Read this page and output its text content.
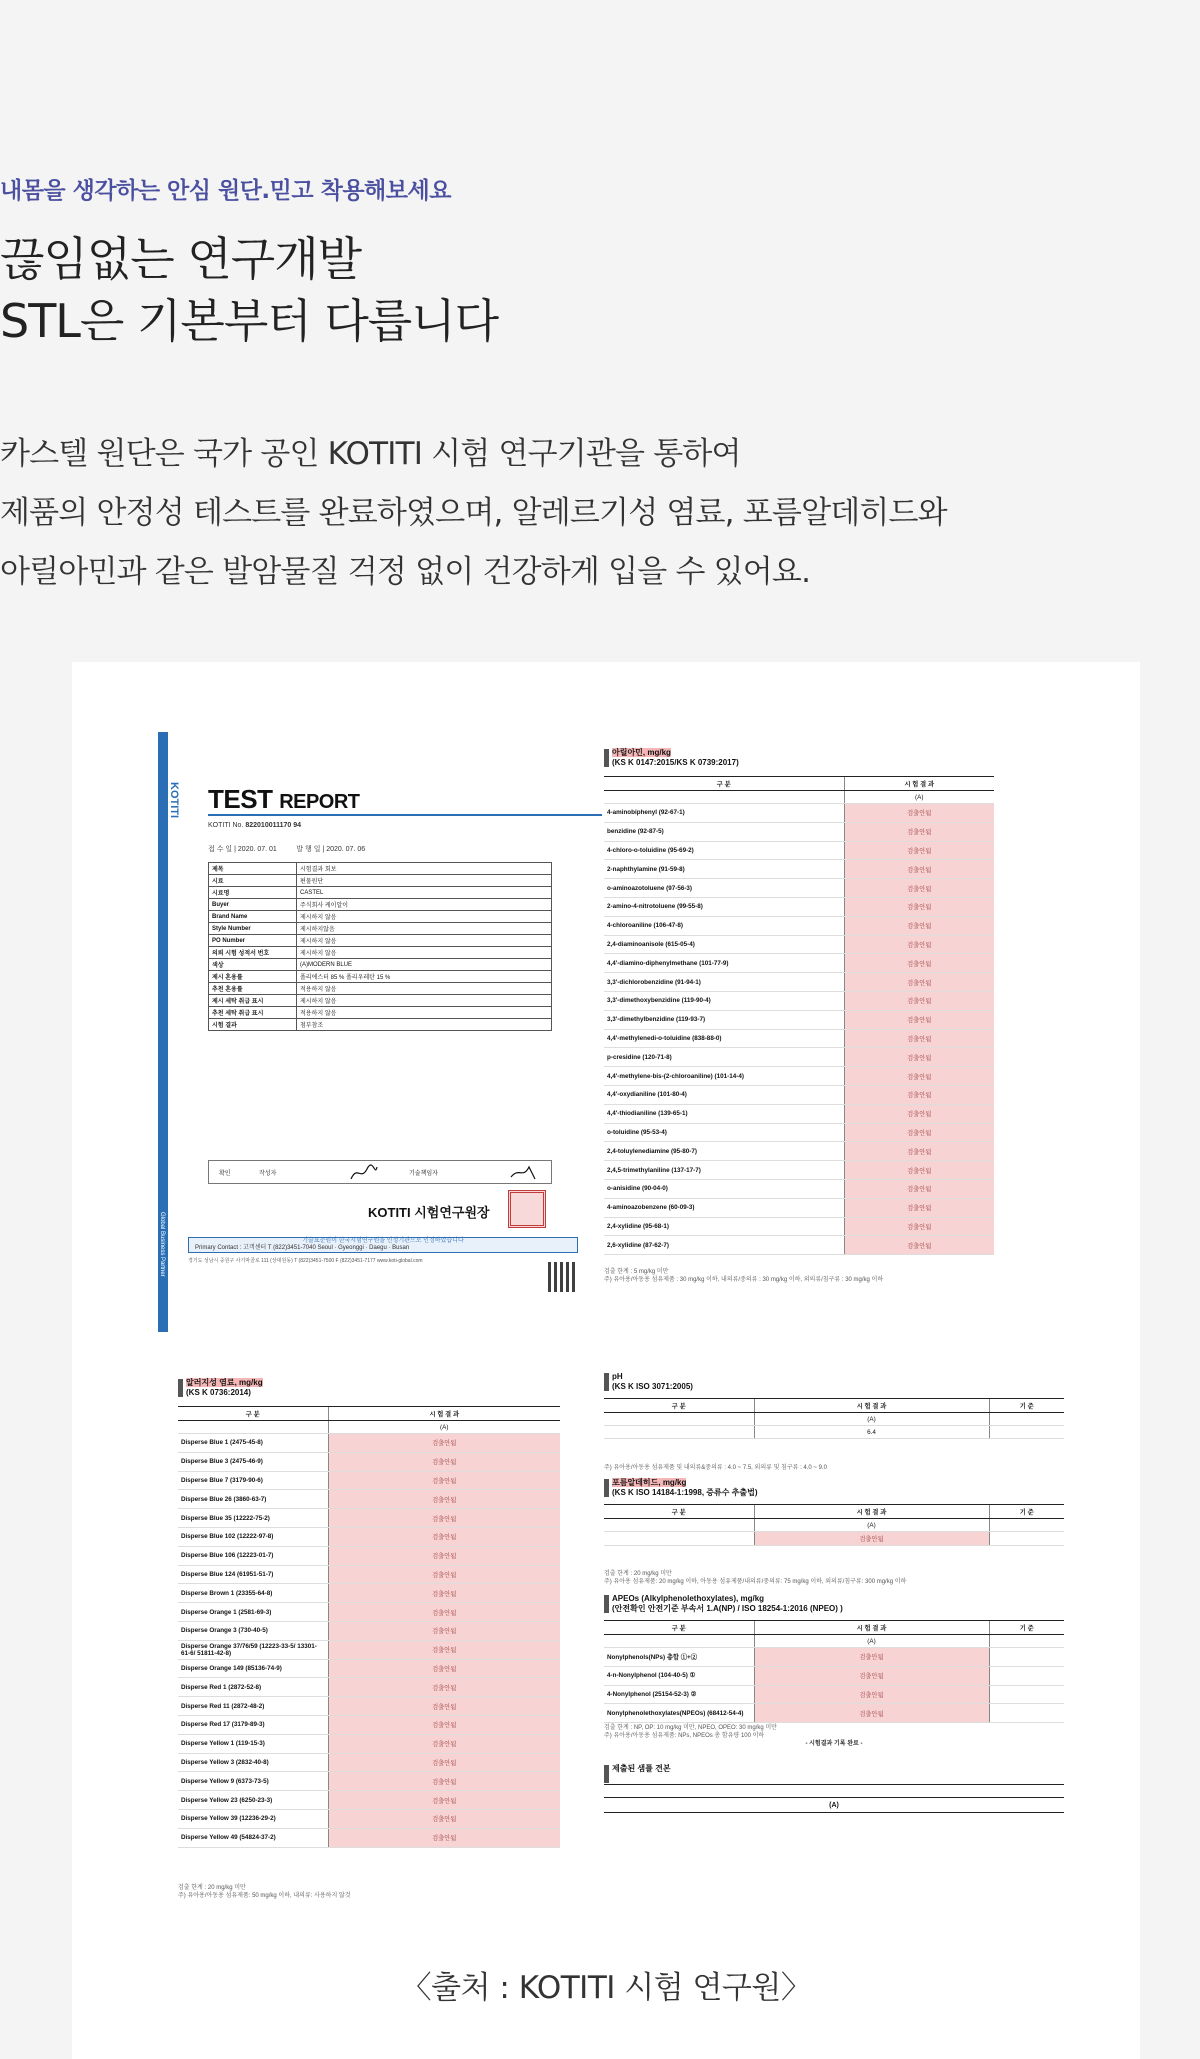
내몸을 생각하는 안심 원단.믿고 착용해보세요
끊임없는 연구개발
STL은 기본부터 다릅니다
카스텔 원단은 국가 공인 KOTITI 시험 연구기관을 통하여
제품의 안정성 테스트를 완료하였으며, 알레르기성 염료, 포름알데히드와
아릴아민과 같은 발암물질 걱정 없이 건강하게 입을 수 있어요.
KOTITI
Global Business Partner
TEST REPORT
KOTITI No. 822010011170 94
접 수 일 | 2020. 07. 01	발 행 일 | 2020. 07. 06
제목	시험결과 회보
시료	편물원단
시료명	CASTEL
Buyer	주식회사 케이알이
Brand Name	제시하지 않음
Style Number	제시하지않음
PO Number	제시하지 않음
의뢰 시험 성적서 번호	제시하지 않음
색상	(A)MODERN BLUE
제시 혼용률	폴리에스터 85 % 폴리우레탄 15 %
추천 혼용률	적용하지 않음
제시 세탁 취급 표시	제시하지 않음
추천 세탁 취급 표시	적용하지 않음
시험 결과	첨부참조
확인	작성자	기술책임자
KOTITI 시험연구원장
기술표준원이 한국시험연구원을 인정기관으로 인정하였습니다
Primary Contact : 고객센터 T (822)3451-7040 Seoul · Gyeonggi · Daegu · Busan
경기도 성남시 중원구 사기막골로 111 (상대원동) T (822)3451-7500 F (822)3451-7177 www.koti-global.com
아릴아민, mg/kg
(KS K 0147:2015/KS K 0739:2017)
구 분	시 험 결 과
	(A)
4-aminobiphenyl (92-67-1)	검출안됨
benzidine (92-87-5)	검출안됨
4-chloro-o-toluidine (95-69-2)	검출안됨
2-naphthylamine (91-59-8)	검출안됨
o-aminoazotoluene (97-56-3)	검출안됨
2-amino-4-nitrotoluene (99-55-8)	검출안됨
4-chloroaniline (106-47-8)	검출안됨
2,4-diaminoanisole (615-05-4)	검출안됨
4,4'-diamino-diphenylmethane (101-77-9)	검출안됨
3,3'-dichlorobenzidine (91-94-1)	검출안됨
3,3'-dimethoxybenzidine (119-90-4)	검출안됨
3,3'-dimethylbenzidine (119-93-7)	검출안됨
4,4'-methylenedi-o-toluidine (838-88-0)	검출안됨
p-cresidine (120-71-8)	검출안됨
4,4'-methylene-bis-(2-chloroaniline) (101-14-4)	검출안됨
4,4'-oxydianiline (101-80-4)	검출안됨
4,4'-thiodianiline (139-65-1)	검출안됨
o-toluidine (95-53-4)	검출안됨
2,4-toluylenediamine (95-80-7)	검출안됨
2,4,5-trimethylaniline (137-17-7)	검출안됨
o-anisidine (90-04-0)	검출안됨
4-aminoazobenzene (60-09-3)	검출안됨
2,4-xylidine (95-68-1)	검출안됨
2,6-xylidine (87-62-7)	검출안됨
검출 한계 : 5 mg/kg 미만
주) 유아용/아동용 섬유제품 : 30 mg/kg 이하, 내의류/중의류 : 30 mg/kg 이하, 외의류/침구류 : 30 mg/kg 이하
알러지성 염료, mg/kg
(KS K 0736:2014)
구 분	시 험 결 과
	(A)
Disperse Blue 1 (2475-45-8)	검출안됨
Disperse Blue 3 (2475-46-9)	검출안됨
Disperse Blue 7 (3179-90-6)	검출안됨
Disperse Blue 26 (3860-63-7)	검출안됨
Disperse Blue 35 (12222-75-2)	검출안됨
Disperse Blue 102 (12222-97-8)	검출안됨
Disperse Blue 106 (12223-01-7)	검출안됨
Disperse Blue 124 (61951-51-7)	검출안됨
Disperse Brown 1 (23355-64-8)	검출안됨
Disperse Orange 1 (2581-69-3)	검출안됨
Disperse Orange 3 (730-40-5)	검출안됨
Disperse Orange 37/76/59 (12223-33-5/ 13301-61-6/ 51811-42-8)	검출안됨
Disperse Orange 149 (85136-74-9)	검출안됨
Disperse Red 1 (2872-52-8)	검출안됨
Disperse Red 11 (2872-48-2)	검출안됨
Disperse Red 17 (3179-89-3)	검출안됨
Disperse Yellow 1 (119-15-3)	검출안됨
Disperse Yellow 3 (2832-40-8)	검출안됨
Disperse Yellow 9 (6373-73-5)	검출안됨
Disperse Yellow 23 (6250-23-3)	검출안됨
Disperse Yellow 39 (12236-29-2)	검출안됨
Disperse Yellow 49 (54824-37-2)	검출안됨
검출 한계 : 20 mg/kg 미만
주) 유아용/아동용 섬유제품: 50 mg/kg 이하, 내의류: 사용하지 않것
pH
(KS K ISO 3071:2005)
구 분	시 험 결 과	기 준
	(A)	
	6.4	
주) 유아용/아동용 섬유제품 및 내의류&중의류 : 4.0 ~ 7.5, 외의류 및 침구류 : 4.0 ~ 9.0
포름알데히드, mg/kg
(KS K ISO 14184-1:1998, 증류수 추출법)
구 분	시 험 결 과	기 준
	(A)	
	검출안됨	
검출 한계 : 20 mg/kg 미만
주) 유아용 섬유제품: 20 mg/kg 이하, 아동용 섬유제품/내의류/중의류: 75 mg/kg 이하, 외의류/침구류: 300 mg/kg 이하
APEOs (Alkylphenolethoxylates), mg/kg
(안전확인 안전기준 부속서 1.A(NP) / ISO 18254-1:2016 (NPEO) )
구 분	시 험 결 과	기 준
	(A)	
Nonylphenols(NPs) 총합 ①+②	검출안됨	
4-n-Nonylphenol (104-40-5) ①	검출안됨	
4-Nonylphenol (25154-52-3) ②	검출안됨	
Nonylphenolethoxylates(NPEOs) (68412-54-4)	검출안됨	
검출 한계 : NP, OP: 10 mg/kg 미만, NPEO, OPEO: 30 mg/kg 미만
주) 유아용/아동용 섬유제품: NPs, NPEOs 총 함유량 100 이하
- 시험결과 기록 완료 -
제출된 샘플 견본
(A)
〈출처 : KOTITI 시험 연구원〉
